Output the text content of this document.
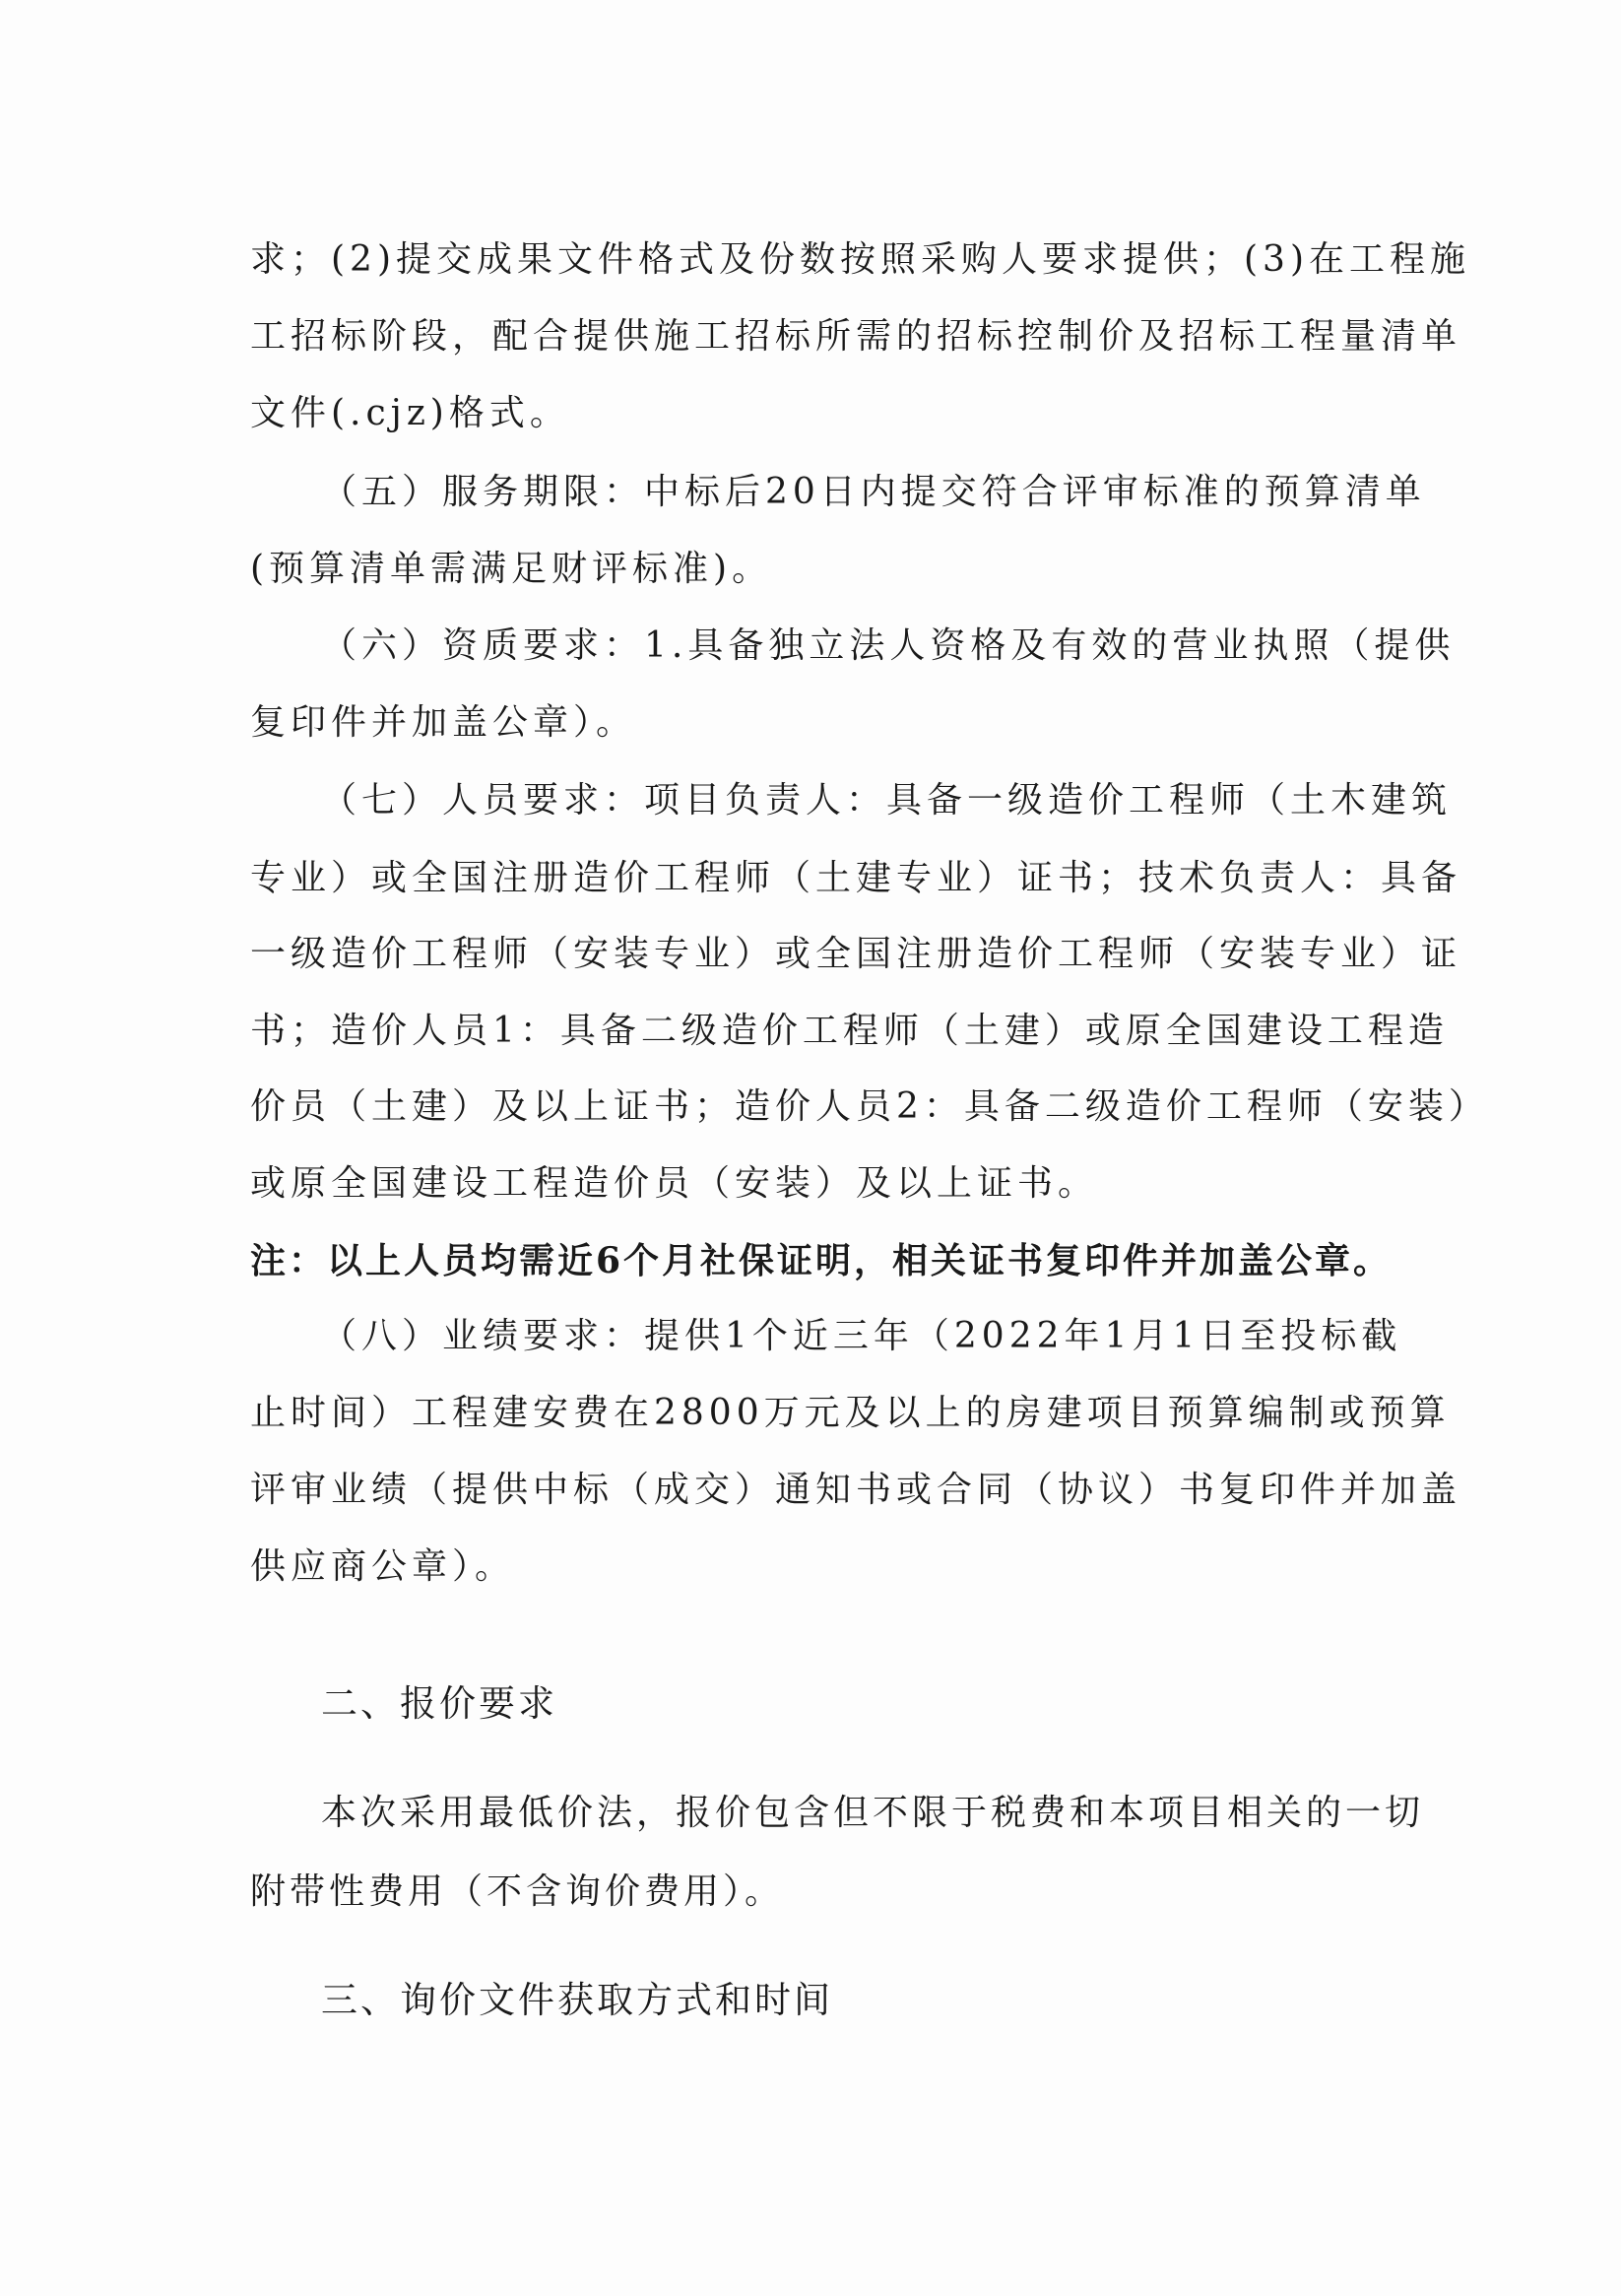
求；(2)提交成果文件格式及份数按照采购人要求提供；(3)在工程施
工招标阶段，配合提供施工招标所需的招标控制价及招标工程量清单
文件(.cjz)格式。
（五）服务期限：中标后20日内提交符合评审标准的预算清单
(预算清单需满足财评标准)。
（六）资质要求：1.具备独立法人资格及有效的营业执照（提供
复印件并加盖公章）。
（七）人员要求：项目负责人：具备一级造价工程师（土木建筑
专业）或全国注册造价工程师（土建专业）证书；技术负责人：具备
一级造价工程师（安装专业）或全国注册造价工程师（安装专业）证
书；造价人员1：具备二级造价工程师（土建）或原全国建设工程造
价员（土建）及以上证书；造价人员2：具备二级造价工程师（安装）
或原全国建设工程造价员（安装）及以上证书。
注：以上人员均需近6个月社保证明，相关证书复印件并加盖公章。
（八）业绩要求：提供1个近三年（2022年1月1日至投标截
止时间）工程建安费在2800万元及以上的房建项目预算编制或预算
评审业绩（提供中标（成交）通知书或合同（协议）书复印件并加盖
供应商公章）。
二、报价要求
本次采用最低价法，报价包含但不限于税费和本项目相关的一切
附带性费用（不含询价费用）。
三、询价文件获取方式和时间
